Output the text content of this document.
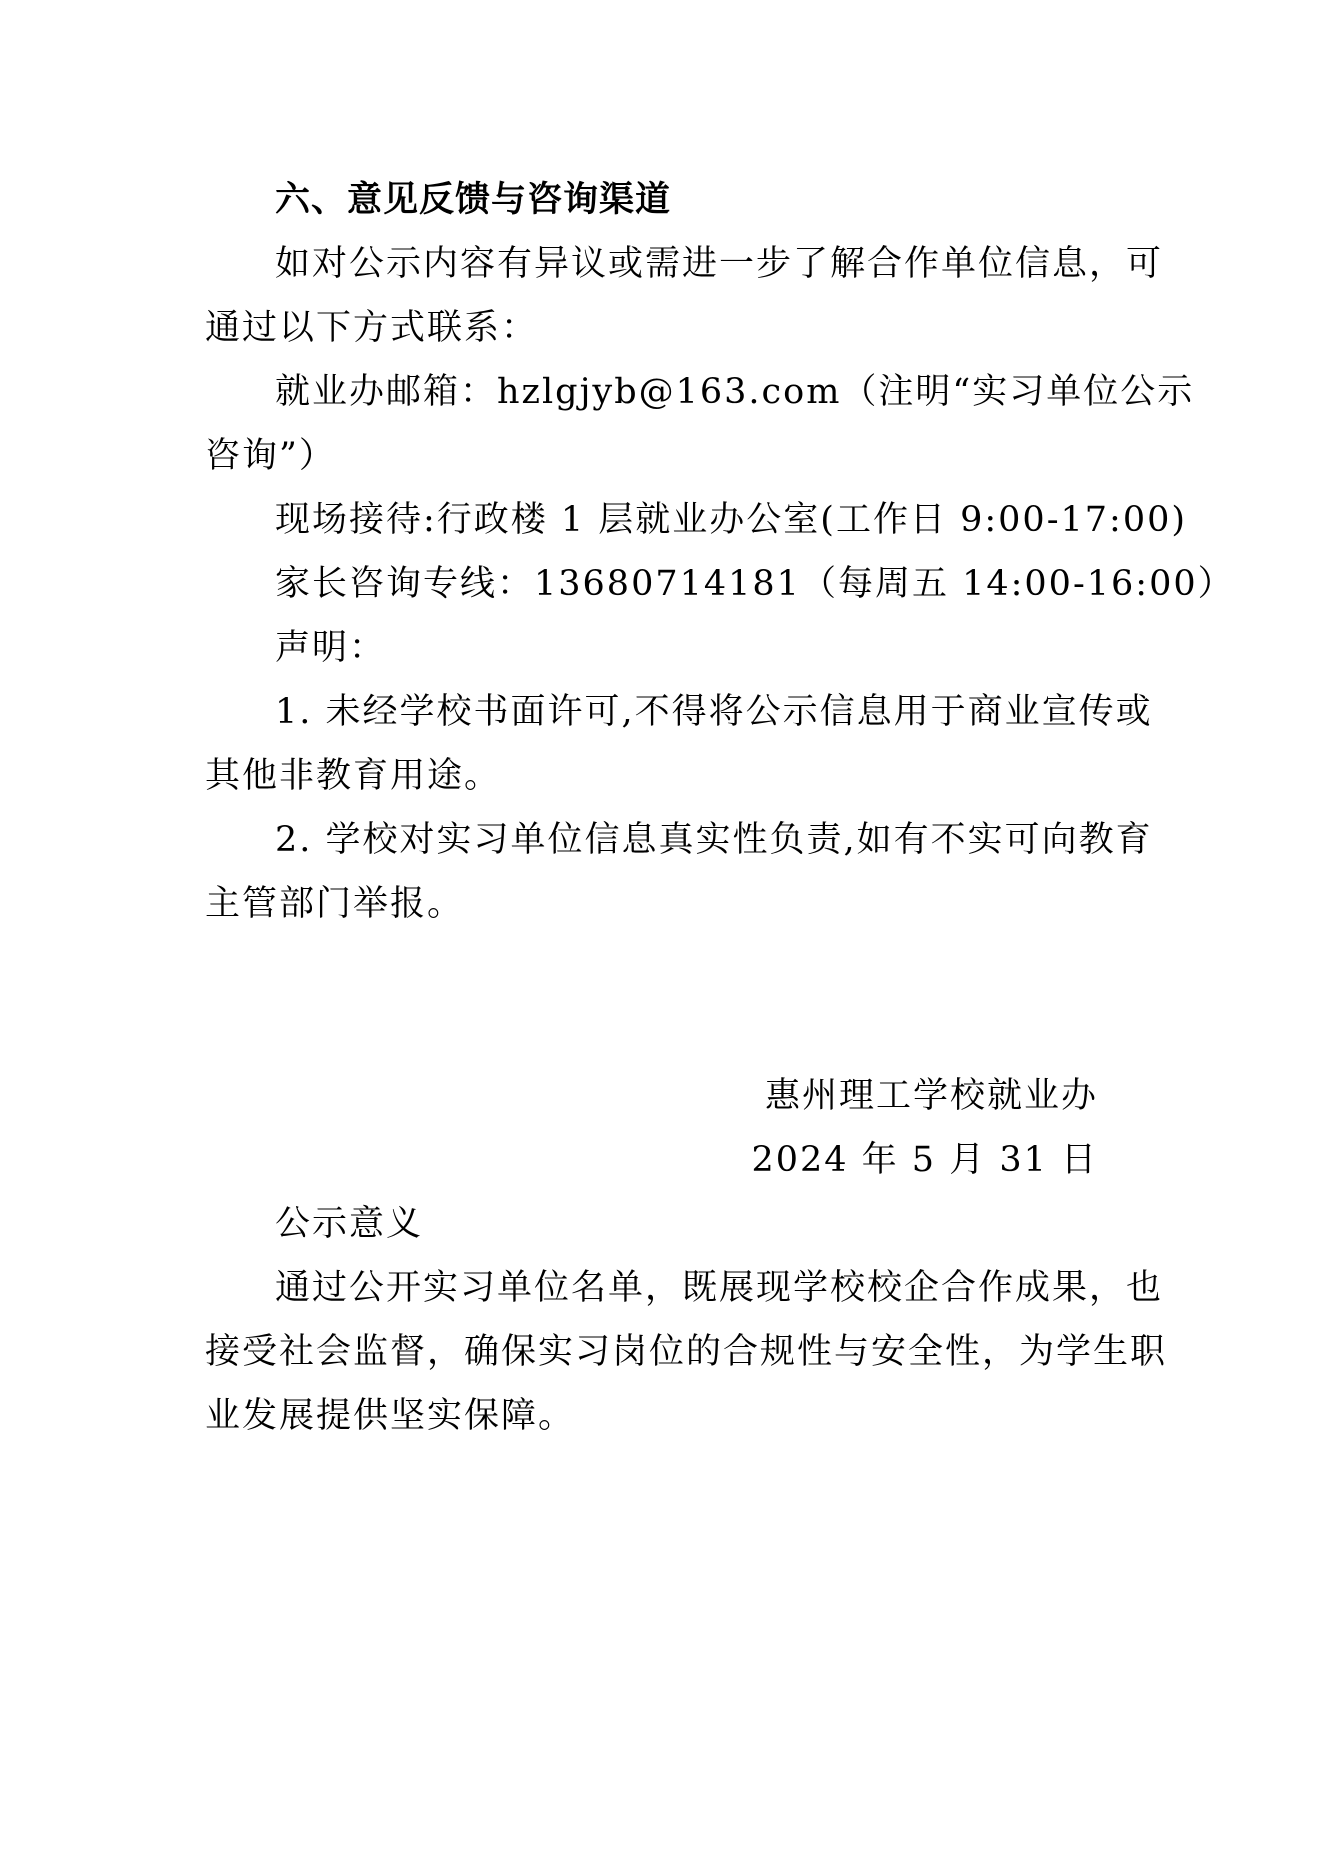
六、意见反馈与咨询渠道
如对公示内容有异议或需进一步了解合作单位信息，可
通过以下方式联系：
就业办邮箱：hzlgjyb@163.com（注明“实习单位公示
咨询”）
现场接待:行政楼 1 层就业办公室(工作日 9:00-17:00)
家长咨询专线：13680714181（每周五 14:00-16:00）
声明：
1. 未经学校书面许可,不得将公示信息用于商业宣传或
其他非教育用途。
2. 学校对实习单位信息真实性负责,如有不实可向教育
主管部门举报。
惠州理工学校就业办
2024 年 5 月 31 日
公示意义
通过公开实习单位名单，既展现学校校企合作成果，也
接受社会监督，确保实习岗位的合规性与安全性，为学生职
业发展提供坚实保障。
